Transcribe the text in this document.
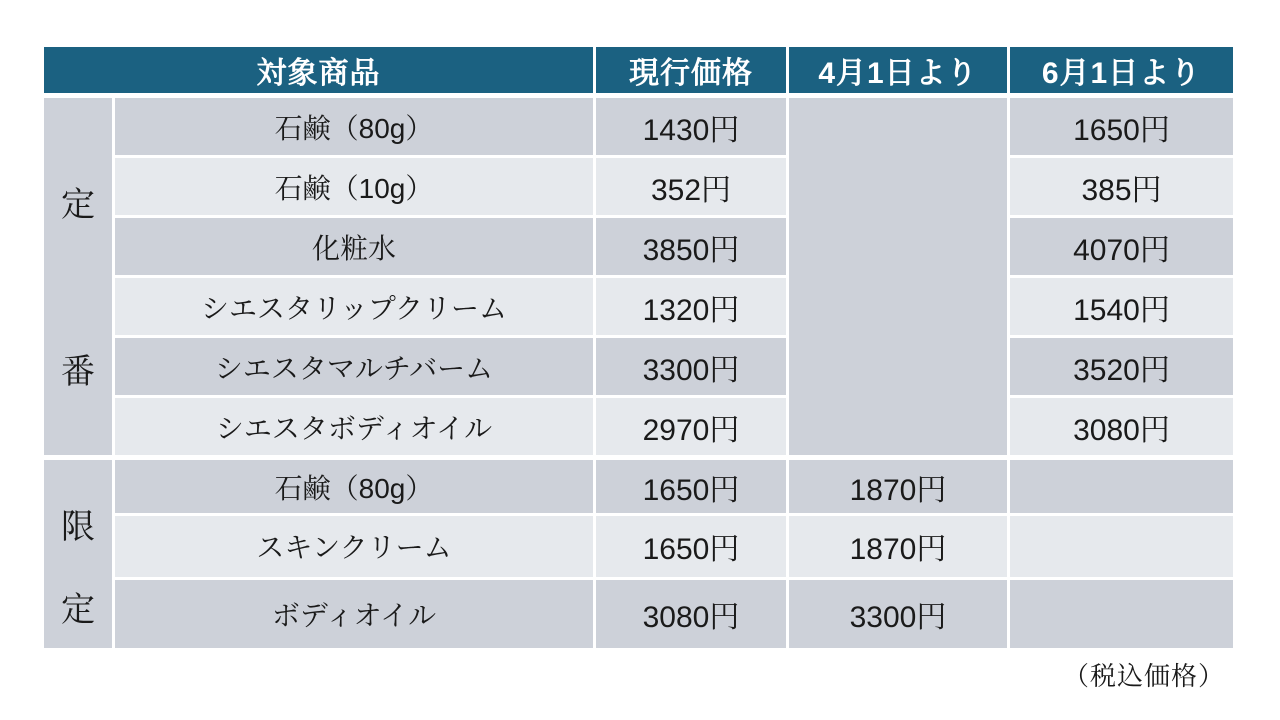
対象商品		現行価格	4月1日より	6月1日より

定
番	石鹸（80g）	1430円		1650円
	石鹸（10g）	352円		385円
	化粧水	3850円		4070円
	シエスタリップクリーム	1320円		1540円
	シエスタマルチバーム	3300円		3520円
	シエスタボディオイル	2970円		3080円

限
定	石鹸（80g）	1650円	1870円	
	スキンクリーム	1650円	1870円	
	ボディオイル	3080円	3300円	
（税込価格）
